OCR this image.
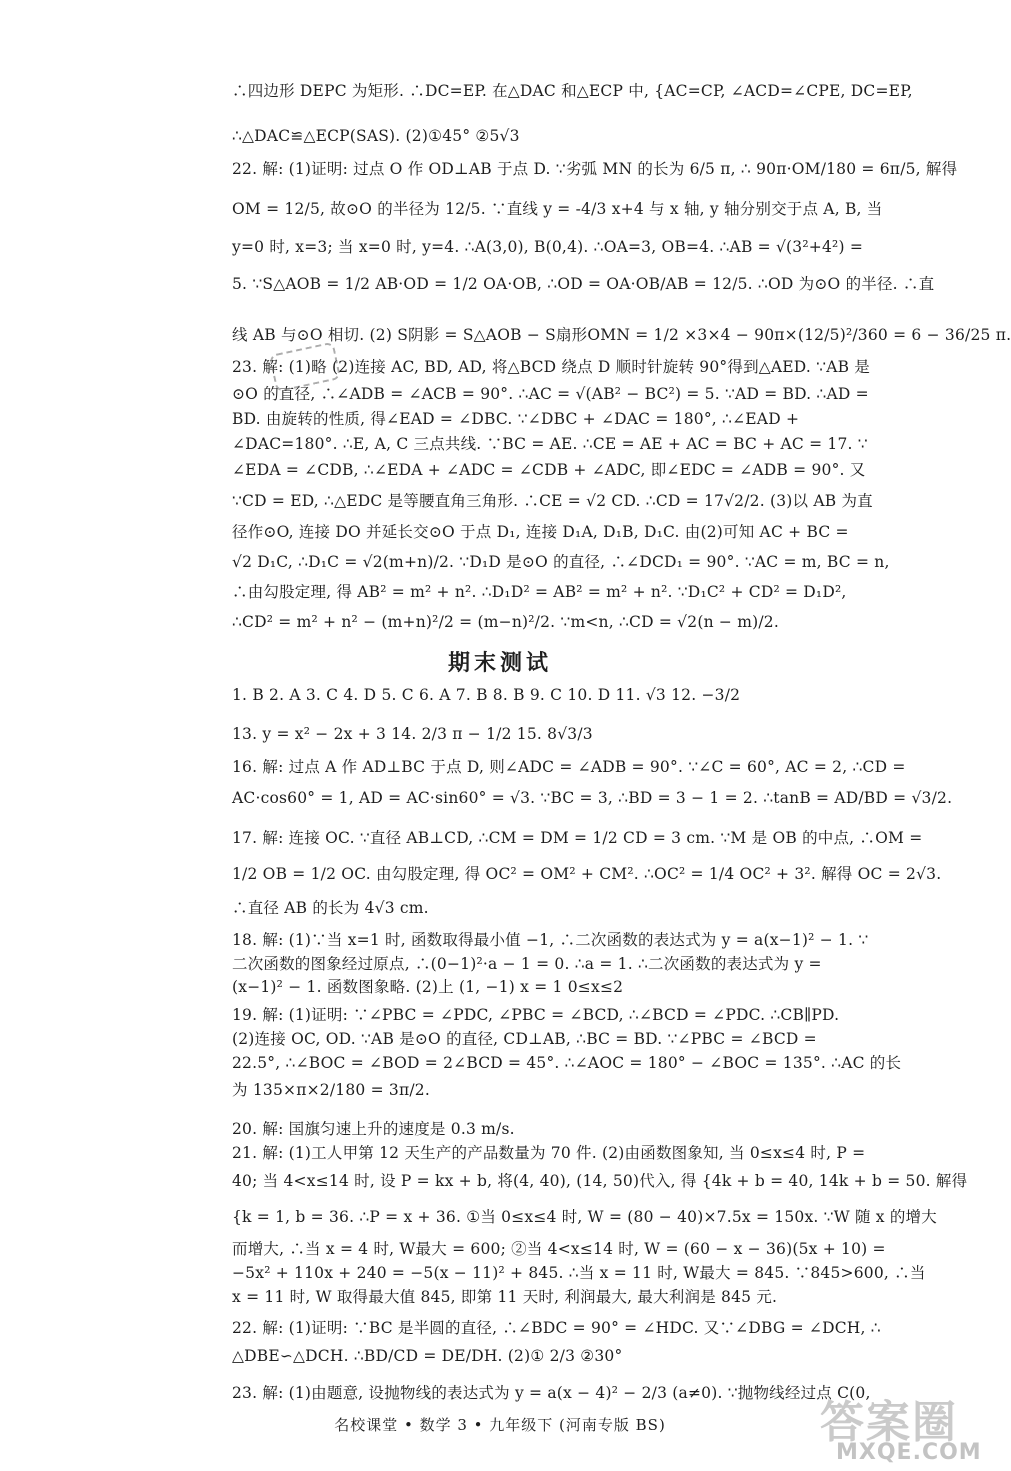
∴四边形 DEPC 为矩形. ∴DC=EP. 在△DAC 和△ECP 中, {AC=CP, ∠ACD=∠CPE, DC=EP,
∴△DAC≌△ECP(SAS). (2)①45° ②5√3
22. 解: (1)证明: 过点 O 作 OD⊥AB 于点 D. ∵劣弧 MN 的长为 6/5 π, ∴ 90π·OM/180 = 6π/5, 解得
OM = 12/5, 故⊙O 的半径为 12/5. ∵直线 y = -4/3 x+4 与 x 轴, y 轴分别交于点 A, B, 当
y=0 时, x=3; 当 x=0 时, y=4. ∴A(3,0), B(0,4). ∴OA=3, OB=4. ∴AB = √(3²+4²) =
5. ∵S△AOB = 1/2 AB·OD = 1/2 OA·OB, ∴OD = OA·OB/AB = 12/5. ∴OD 为⊙O 的半径. ∴直
线 AB 与⊙O 相切. (2) S阴影 = S△AOB − S扇形OMN = 1/2 ×3×4 − 90π×(12/5)²/360 = 6 − 36/25 π.
23. 解: (1)略 (2)连接 AC, BD, AD, 将△BCD 绕点 D 顺时针旋转 90°得到△AED. ∵AB 是
⊙O 的直径, ∴∠ADB = ∠ACB = 90°. ∴AC = √(AB² − BC²) = 5. ∵AD = BD. ∴AD =
BD. 由旋转的性质, 得∠EAD = ∠DBC. ∵∠DBC + ∠DAC = 180°, ∴∠EAD +
∠DAC=180°. ∴E, A, C 三点共线. ∵BC = AE. ∴CE = AE + AC = BC + AC = 17. ∵
∠EDA = ∠CDB, ∴∠EDA + ∠ADC = ∠CDB + ∠ADC, 即∠EDC = ∠ADB = 90°. 又
∵CD = ED, ∴△EDC 是等腰直角三角形. ∴CE = √2 CD. ∴CD = 17√2/2. (3)以 AB 为直
径作⊙O, 连接 DO 并延长交⊙O 于点 D₁, 连接 D₁A, D₁B, D₁C. 由(2)可知 AC + BC =
√2 D₁C, ∴D₁C = √2(m+n)/2. ∵D₁D 是⊙O 的直径, ∴∠DCD₁ = 90°. ∵AC = m, BC = n,
∴由勾股定理, 得 AB² = m² + n². ∴D₁D² = AB² = m² + n². ∵D₁C² + CD² = D₁D²,
∴CD² = m² + n² − (m+n)²/2 = (m−n)²/2. ∵m<n, ∴CD = √2(n − m)/2.
期末测试
1. B 2. A 3. C 4. D 5. C 6. A 7. B 8. B 9. C 10. D 11. √3 12. −3/2
13. y = x² − 2x + 3 14. 2/3 π − 1/2 15. 8√3/3
16. 解: 过点 A 作 AD⊥BC 于点 D, 则∠ADC = ∠ADB = 90°. ∵∠C = 60°, AC = 2, ∴CD =
AC·cos60° = 1, AD = AC·sin60° = √3. ∵BC = 3, ∴BD = 3 − 1 = 2. ∴tanB = AD/BD = √3/2.
17. 解: 连接 OC. ∵直径 AB⊥CD, ∴CM = DM = 1/2 CD = 3 cm. ∵M 是 OB 的中点, ∴OM =
1/2 OB = 1/2 OC. 由勾股定理, 得 OC² = OM² + CM². ∴OC² = 1/4 OC² + 3². 解得 OC = 2√3.
∴直径 AB 的长为 4√3 cm.
18. 解: (1)∵当 x=1 时, 函数取得最小值 −1, ∴二次函数的表达式为 y = a(x−1)² − 1. ∵
二次函数的图象经过原点, ∴(0−1)²·a − 1 = 0. ∴a = 1. ∴二次函数的表达式为 y =
(x−1)² − 1. 函数图象略. (2)上 (1, −1) x = 1 0≤x≤2
19. 解: (1)证明: ∵∠PBC = ∠PDC, ∠PBC = ∠BCD, ∴∠BCD = ∠PDC. ∴CB∥PD.
(2)连接 OC, OD. ∵AB 是⊙O 的直径, CD⊥AB, ∴BC = BD. ∵∠PBC = ∠BCD =
22.5°, ∴∠BOC = ∠BOD = 2∠BCD = 45°. ∴∠AOC = 180° − ∠BOC = 135°. ∴AC 的长
为 135×π×2/180 = 3π/2.
20. 解: 国旗匀速上升的速度是 0.3 m/s.
21. 解: (1)工人甲第 12 天生产的产品数量为 70 件. (2)由函数图象知, 当 0≤x≤4 时, P =
40; 当 4<x≤14 时, 设 P = kx + b, 将(4, 40), (14, 50)代入, 得 {4k + b = 40, 14k + b = 50. 解得
{k = 1, b = 36. ∴P = x + 36. ①当 0≤x≤4 时, W = (80 − 40)×7.5x = 150x. ∵W 随 x 的增大
而增大, ∴当 x = 4 时, W最大 = 600; ②当 4<x≤14 时, W = (60 − x − 36)(5x + 10) =
−5x² + 110x + 240 = −5(x − 11)² + 845. ∴当 x = 11 时, W最大 = 845. ∵845>600, ∴当
x = 11 时, W 取得最大值 845, 即第 11 天时, 利润最大, 最大利润是 845 元.
22. 解: (1)证明: ∵BC 是半圆的直径, ∴∠BDC = 90° = ∠HDC. 又∵∠DBG = ∠DCH, ∴
△DBE∽△DCH. ∴BD/CD = DE/DH. (2)① 2/3 ②30°
23. 解: (1)由题意, 设抛物线的表达式为 y = a(x − 4)² − 2/3 (a≠0). ∵抛物线经过点 C(0,
名校课堂 • 数学 3 • 九年级下 (河南专版 BS)	答案圈
MXQE.COM
